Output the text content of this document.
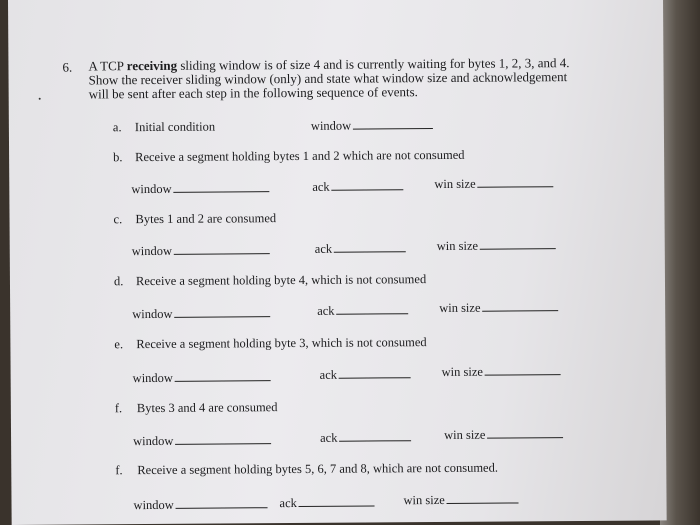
6. A TCP receiving sliding window is of size 4 and is currently waiting for bytes 1, 2, 3, and 4.
Show the receiver sliding window (only) and state what window size and acknowledgement
will be sent after each step in the following sequence of events.
a. Initial condition	window
b. Receive a segment holding bytes 1 and 2 which are not consumed
window	ack	win size
c. Bytes 1 and 2 are consumed
window	ack	win size
d. Receive a segment holding byte 4, which is not consumed
window	ack	win size
e. Receive a segment holding byte 3, which is not consumed
window	ack	win size
f. Bytes 3 and 4 are consumed
window	ack	win size
f. Receive a segment holding bytes 5, 6, 7 and 8, which are not consumed.
window	ack	win size
